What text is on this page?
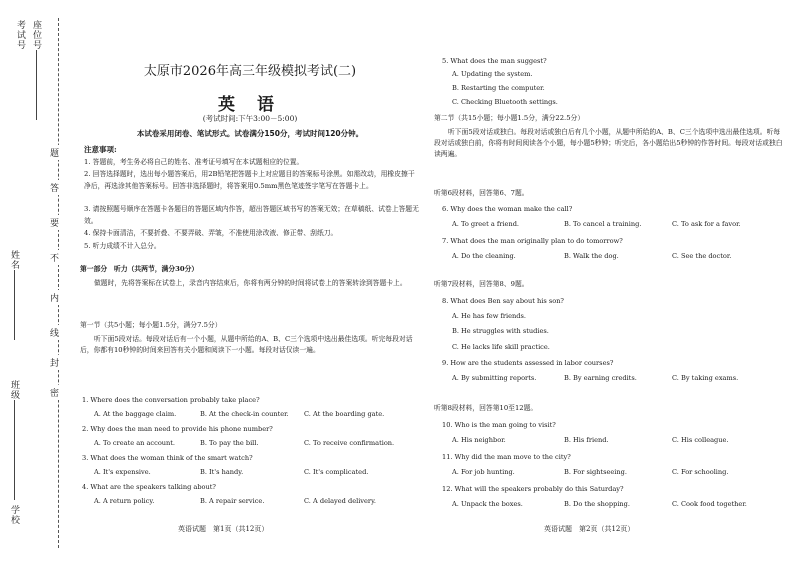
座位号
考试号
姓名
班级
学校
题
答
要
不
内
线
封
密
太原市2026年高三年级模拟考试(二)
英 语
(考试时间:下午3:00－5:00)
本试卷采用闭卷、笔试形式。试卷满分150分，考试时间120分钟。
注意事项:
1. 答题前，考生务必将自己的姓名、准考证号填写在本试题相应的位置。
2. 回答选择题时，选出每小题答案后，用2B铅笔把答题卡上对应题目的答案标号涂黑。如需改动，用橡皮擦干净后，再选涂其他答案标号。回答非选择题时，将答案用0.5mm黑色笔迹签字笔写在答题卡上。
3. 请按照题号顺序在答题卡各题目的答题区域内作答，超出答题区域书写的答案无效；在草稿纸、试卷上答题无效。
4. 保持卡面清洁，不要折叠、不要弄破、弄皱，不准使用涂改液、修正带、刮纸刀。
5. 听力成绩不计入总分。
第一部分　听力（共两节，满分30分）
做题时，先将答案标在试卷上，录音内容结束后，你将有两分钟的时间将试卷上的答案转涂到答题卡上。
第一节（共5小题；每小题1.5分，满分7.5分）
听下面5段对话。每段对话后有一个小题，从题中所给的A、B、C三个选项中选出最佳选项。听完每段对话后，你都有10秒钟的时间来回答有关小题和阅读下一小题。每段对话仅读一遍。
1. Where does the conversation probably take place?
A. At the baggage claim.	B. At the check-in counter. C. At the boarding gate.
2. Why does the man need to provide his phone number?
A. To create an account.	B. To pay the bill.	C. To receive confirmation.
3. What does the woman think of the smart watch?
A. It's expensive.	B. It's handy.	C. It's complicated.
4. What are the speakers talking about?
A. A return policy.	B. A repair service.	C. A delayed delivery.
英语试题　第1页（共12页）
5. What does the man suggest?
A. Updating the system.
B. Restarting the computer.
C. Checking Bluetooth settings.
第二节（共15小题；每小题1.5分，满分22.5分）
听下面5段对话或独白。每段对话或独白后有几个小题，从题中所给的A、B、C三个选项中选出最佳选项。听每段对话或独白前，你将有时间阅读各个小题，每小题5秒钟；听完后，各小题给出5秒钟的作答时间。每段对话或独白读两遍。
听第6段材料，回答第6、7题。
6. Why does the woman make the call?
A. To greet a friend.	B. To cancel a training.	C. To ask for a favor.
7. What does the man originally plan to do tomorrow?
A. Do the cleaning.	B. Walk the dog.	C. See the doctor.
听第7段材料，回答第8、9题。
8. What does Ben say about his son?
A. He has few friends.
B. He struggles with studies.
C. He lacks life skill practice.
9. How are the students assessed in labor courses?
A. By submitting reports.	B. By earning credits.	C. By taking exams.
听第8段材料，回答第10至12题。
10. Who is the man going to visit?
A. His neighbor.	B. His friend.	C. His colleague.
11. Why did the man move to the city?
A. For job hunting.	B. For sightseeing.	C. For schooling.
12. What will the speakers probably do this Saturday?
A. Unpack the boxes.	B. Do the shopping.	C. Cook food together.
英语试题　第2页（共12页）
